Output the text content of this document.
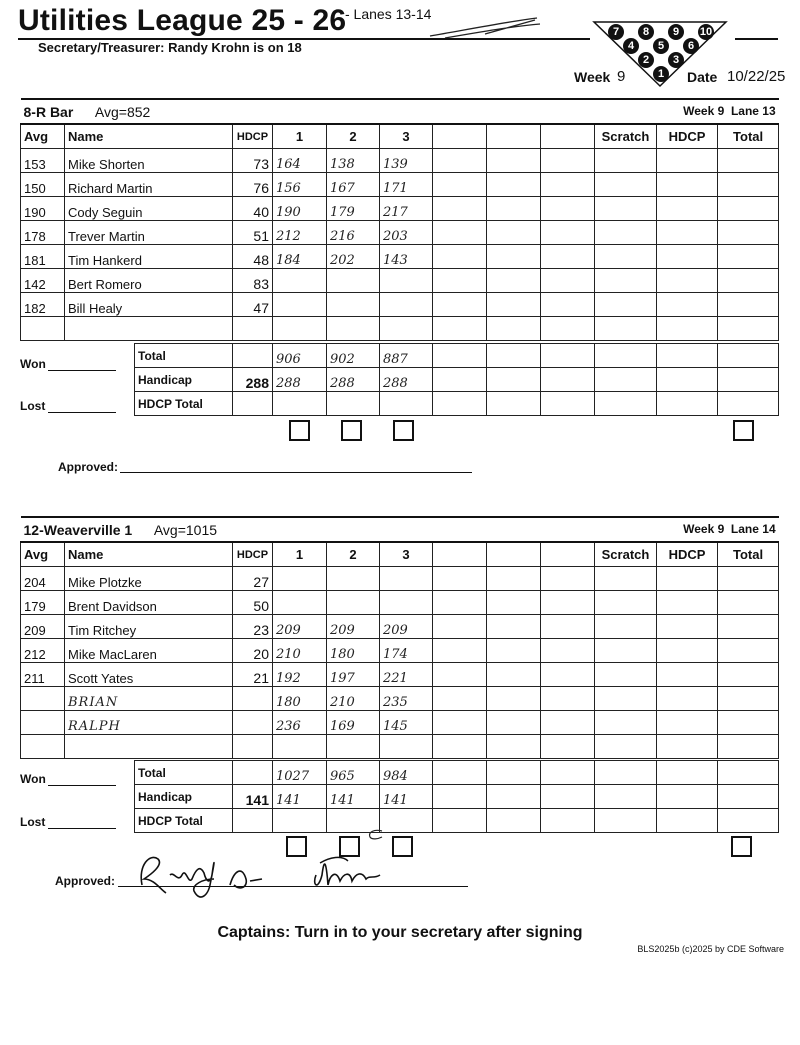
Utilities League 25 - 26
- Lanes 13-14
Secretary/Treasurer: Randy Krohn is on 18
7	8	9	10
4	5	6
2	3
1
Week 9	Date 10/22/25
8-R Bar Avg=852 Week 9 Lane 13											

Avg	Name	HDCP	1	2	3				Scratch	HDCP	Total
153	Mike Shorten	73	164	138	139						
150	Richard Martin	76	156	167	171						
190	Cody Seguin	40	190	179	217						
178	Trever Martin	51	212	216	203						
181	Tim Hankerd	48	184	202	143						
142	Bert Romero	83									
182	Bill Healy	47									

Total		906	902	887						
Handicap	288	288	288	288						
HDCP Total										
Won
Lost
Approved:
12-Weaverville 1 Avg=1015 Week 9 Lane 14											

Avg	Name	HDCP	1	2	3				Scratch	HDCP	Total
204	Mike Plotzke	27									
179	Brent Davidson	50									
209	Tim Ritchey	23	209	209	209						
212	Mike MacLaren	20	210	180	174						
211	Scott Yates	21	192	197	221						
	BRIAN		180	210	235						
	RALPH		236	169	145						

Total		1027	965	984						
Handicap	141	141	141	141						
HDCP Total										
Won
Lost
Approved:
Captains: Turn in to your secretary after signing
BLS2025b (c)2025 by CDE Software
